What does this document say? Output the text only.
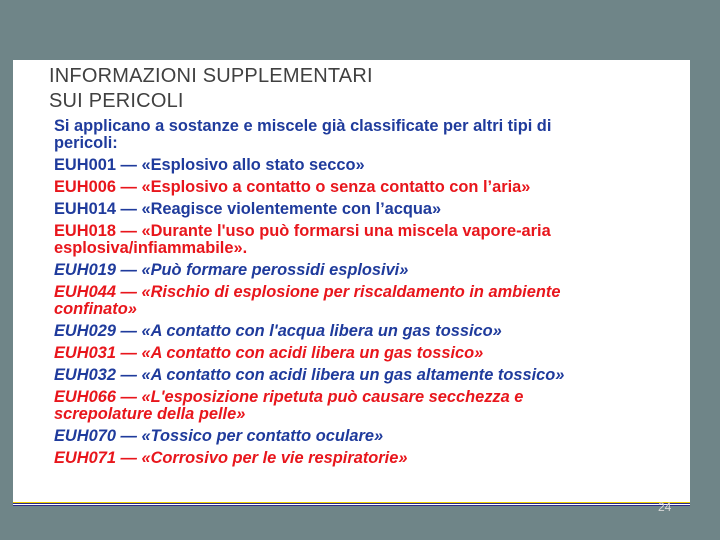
INFORMAZIONI SUPPLEMENTARI
SUI PERICOLI
Si applicano a sostanze e miscele già classificate per altri tipi di
pericoli:
EUH001 — «Esplosivo allo stato secco»
EUH006 — «Esplosivo a contatto o senza contatto con l’aria»
EUH014 — «Reagisce violentemente con l’acqua»
EUH018 — «Durante l'uso può formarsi una miscela vapore-aria
esplosiva/infiammabile».
EUH019 — «Può formare perossidi esplosivi»
EUH044 — «Rischio di esplosione per riscaldamento in ambiente
confinato»
EUH029 — «A contatto con l'acqua libera un gas tossico»
EUH031 — «A contatto con acidi libera un gas tossico»
EUH032 — «A contatto con acidi libera un gas altamente tossico»
EUH066 — «L'esposizione ripetuta può causare secchezza e
screpolature della pelle»
EUH070 — «Tossico per contatto oculare»
EUH071 — «Corrosivo per le vie respiratorie»
24
